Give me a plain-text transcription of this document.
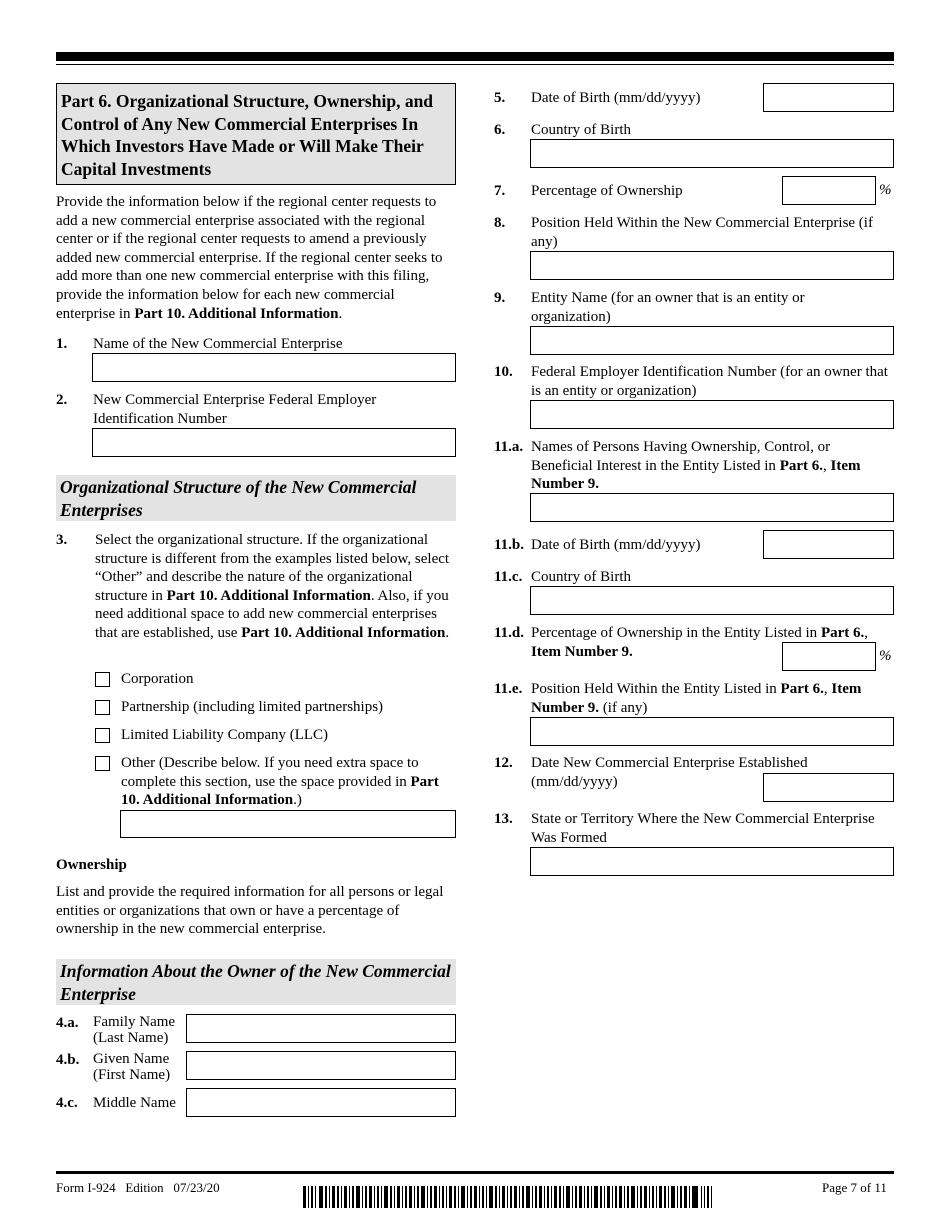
Part 6. Organizational Structure, Ownership, and Control of Any New Commercial Enterprises In Which Investors Have Made or Will Make Their Capital Investments
Provide the information below if the regional center requests to add a new commercial enterprise associated with the regional center or if the regional center requests to amend a previously added new commercial enterprise. If the regional center seeks to add more than one new commercial enterprise with this filing, provide the information below for each new commercial enterprise in Part 10. Additional Information.
1. Name of the New Commercial Enterprise
2. New Commercial Enterprise Federal Employer Identification Number
Organizational Structure of the New Commercial Enterprises
3. Select the organizational structure. If the organizational structure is different from the examples listed below, select “Other” and describe the nature of the organizational structure in Part 10. Additional Information. Also, if you need additional space to add new commercial enterprises that are established, use Part 10. Additional Information.
Corporation
Partnership (including limited partnerships)
Limited Liability Company (LLC)
Other (Describe below. If you need extra space to complete this section, use the space provided in Part 10. Additional Information.)
Ownership
List and provide the required information for all persons or legal entities or organizations that own or have a percentage of ownership in the new commercial enterprise.
Information About the Owner of the New Commercial Enterprise
4.a. Family Name (Last Name)
4.b. Given Name (First Name)
4.c. Middle Name
5. Date of Birth (mm/dd/yyyy)
6. Country of Birth
7. Percentage of Ownership	%
8. Position Held Within the New Commercial Enterprise (if any)
9. Entity Name (for an owner that is an entity or organization)
10. Federal Employer Identification Number (for an owner that is an entity or organization)
11.a. Names of Persons Having Ownership, Control, or Beneficial Interest in the Entity Listed in Part 6., Item Number 9.
11.b. Date of Birth (mm/dd/yyyy)
11.c. Country of Birth
11.d. Percentage of Ownership in the Entity Listed in Part 6.,
Item Number 9.	%
11.e. Position Held Within the Entity Listed in Part 6., Item Number 9. (if any)
12. Date New Commercial Enterprise Established (mm/dd/yyyy)
13. State or Territory Where the New Commercial Enterprise Was Formed
Form I-924   Edition   07/23/20	Page 7 of 11
